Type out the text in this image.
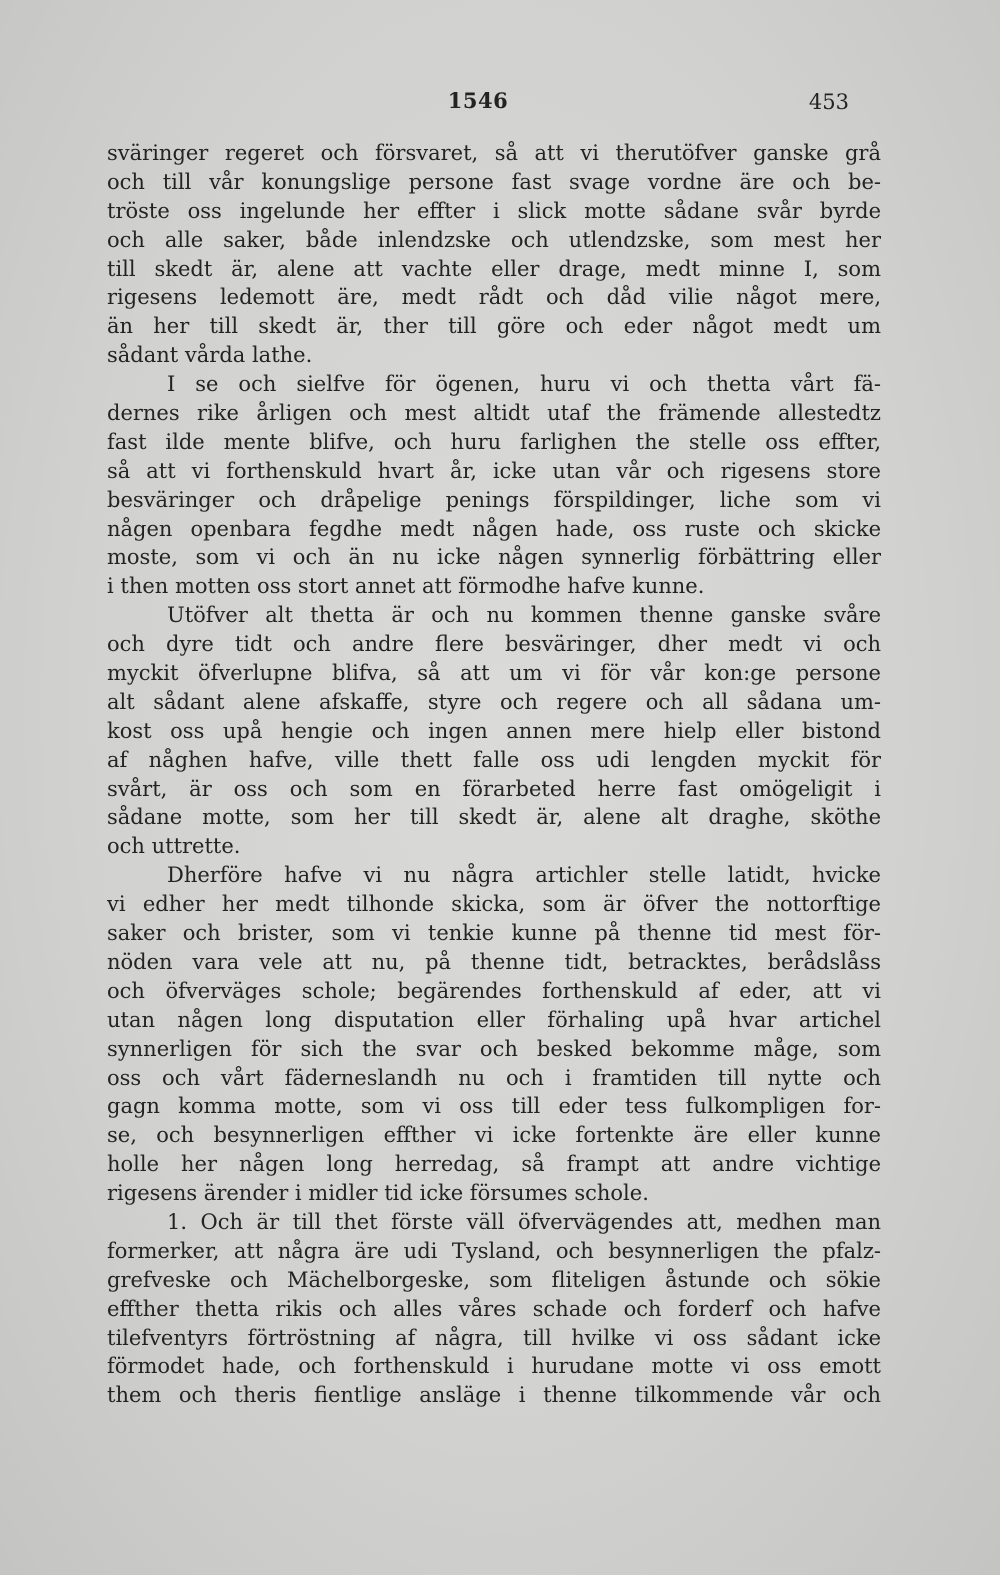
1546	453
sväringer regeret och försvaret, så att vi therutöfver ganske grå
och till vår konungslige persone fast svage vordne äre och be-
tröste oss ingelunde her effter i slick motte sådane svår byrde
och alle saker, både inlendzske och utlendzske, som mest her
till skedt är, alene att vachte eller drage, medt minne I, som
rigesens ledemott äre, medt rådt och dåd vilie något mere,
än her till skedt är, ther till göre och eder något medt um
sådant vårda lathe.
I se och sielfve för ögenen, huru vi och thetta vårt fä-
dernes rike årligen och mest altidt utaf the främende allestedtz
fast ilde mente blifve, och huru farlighen the stelle oss effter,
så att vi forthenskuld hvart år, icke utan vår och rigesens store
besväringer och dråpelige penings förspildinger, liche som vi
någen openbara fegdhe medt någen hade, oss ruste och skicke
moste, som vi och än nu icke någen synnerlig förbättring eller
i then motten oss stort annet att förmodhe hafve kunne.
Utöfver alt thetta är och nu kommen thenne ganske svåre
och dyre tidt och andre flere besväringer, dher medt vi och
myckit öfverlupne blifva, så att um vi för vår kon:ge persone
alt sådant alene afskaffe, styre och regere och all sådana um-
kost oss upå hengie och ingen annen mere hielp eller bistond
af någhen hafve, ville thett falle oss udi lengden myckit för
svårt, är oss och som en förarbeted herre fast omögeligit i
sådane motte, som her till skedt är, alene alt draghe, sköthe
och uttrette.
Dherföre hafve vi nu några artichler stelle latidt, hvicke
vi edher her medt tilhonde skicka, som är öfver the nottorftige
saker och brister, som vi tenkie kunne på thenne tid mest för-
nöden vara vele att nu, på thenne tidt, betracktes, berådslåss
och öfverväges schole; begärendes forthenskuld af eder, att vi
utan någen long disputation eller förhaling upå hvar artichel
synnerligen för sich the svar och besked bekomme måge, som
oss och vårt fäderneslandh nu och i framtiden till nytte och
gagn komma motte, som vi oss till eder tess fulkompligen for-
se, och besynnerligen effther vi icke fortenkte äre eller kunne
holle her någen long herredag, så frampt att andre vichtige
rigesens ärender i midler tid icke försumes schole.
1. Och är till thet förste väll öfvervägendes att, medhen man
formerker, att några äre udi Tysland, och besynnerligen the pfalz-
grefveske och Mächelborgeske, som fliteligen åstunde och sökie
effther thetta rikis och alles våres schade och forderf och hafve
tilefventyrs förtröstning af några, till hvilke vi oss sådant icke
förmodet hade, och forthenskuld i hurudane motte vi oss emott
them och theris fientlige ansläge i thenne tilkommende vår och
